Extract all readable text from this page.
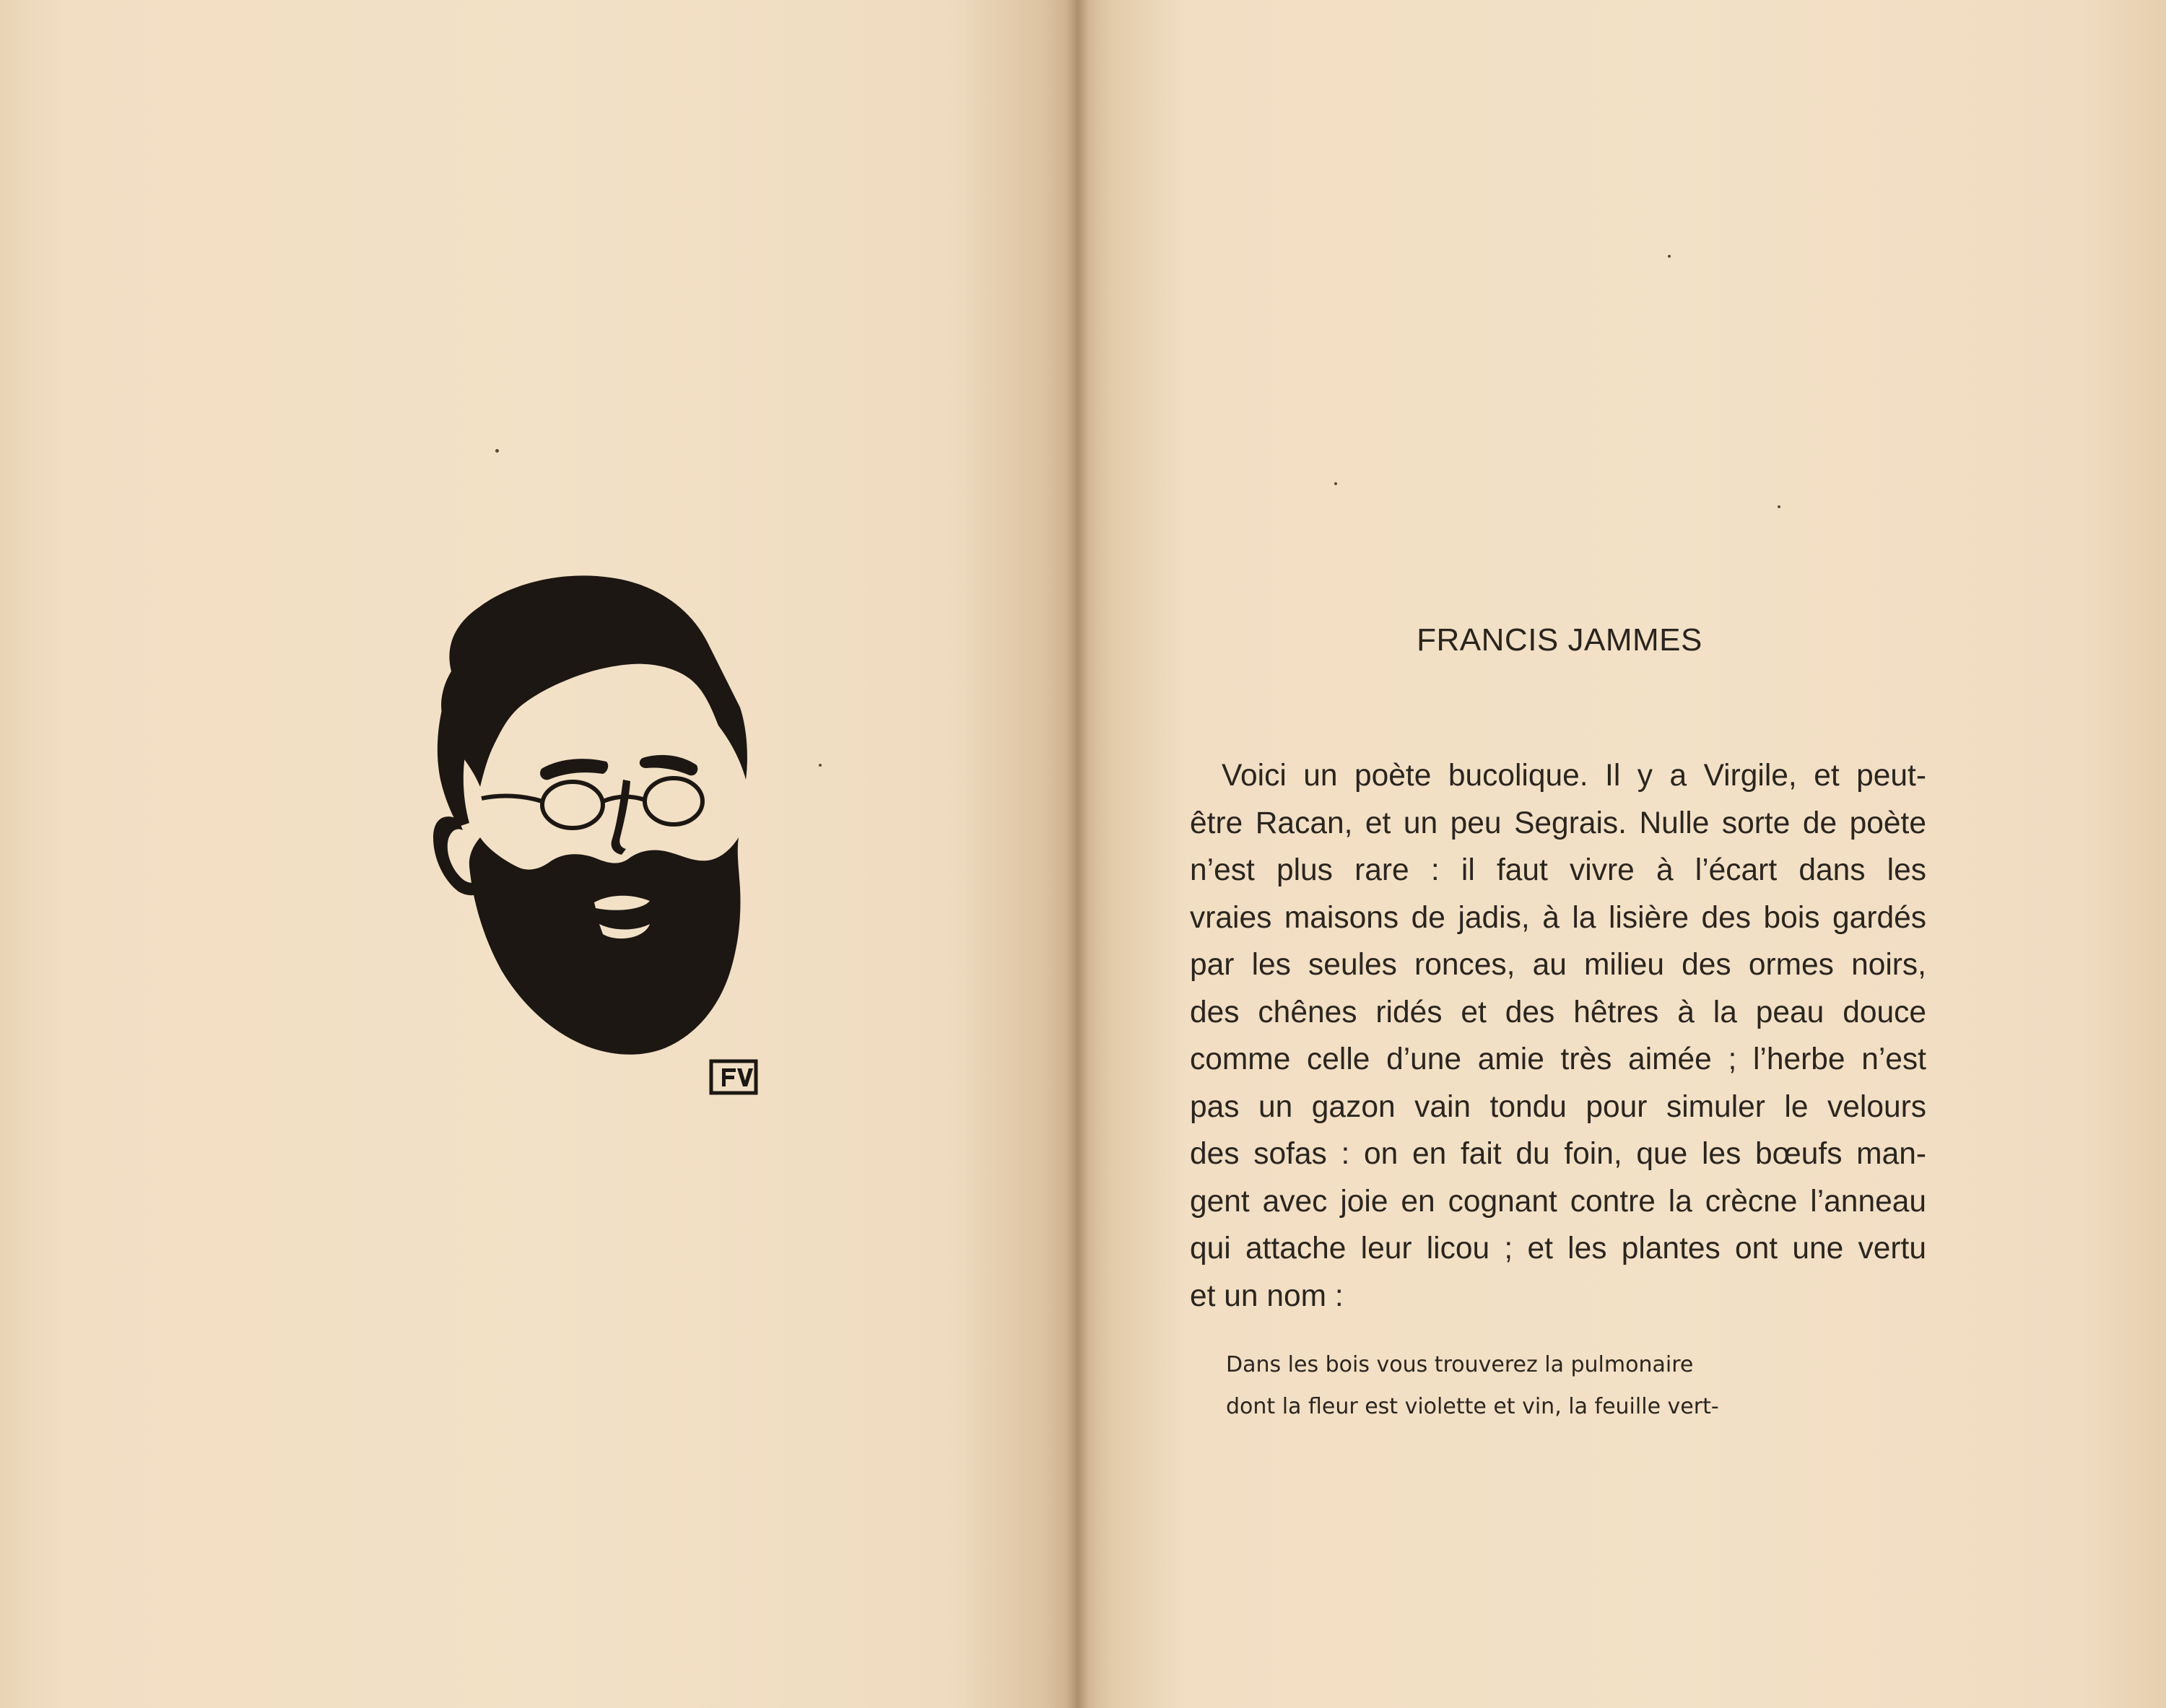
FRANCIS JAMMES
Voici un poète bucolique. Il y a Virgile, et peut-
être Racan, et un peu Segrais. Nulle sorte de poète
n’est plus rare : il faut vivre à l’écart dans les
vraies maisons de jadis, à la lisière des bois gardés
par les seules ronces, au milieu des ormes noirs,
des chênes ridés et des hêtres à la peau douce
comme celle d’une amie très aimée ; l’herbe n’est
pas un gazon vain tondu pour simuler le velours
des sofas : on en fait du foin, que les bœufs man-
gent avec joie en cognant contre la crècne l’anneau
qui attache leur licou ; et les plantes ont une vertu
et un nom :
Dans les bois vous trouverez la pulmonaire
dont la fleur est violette et vin, la feuille vert-
